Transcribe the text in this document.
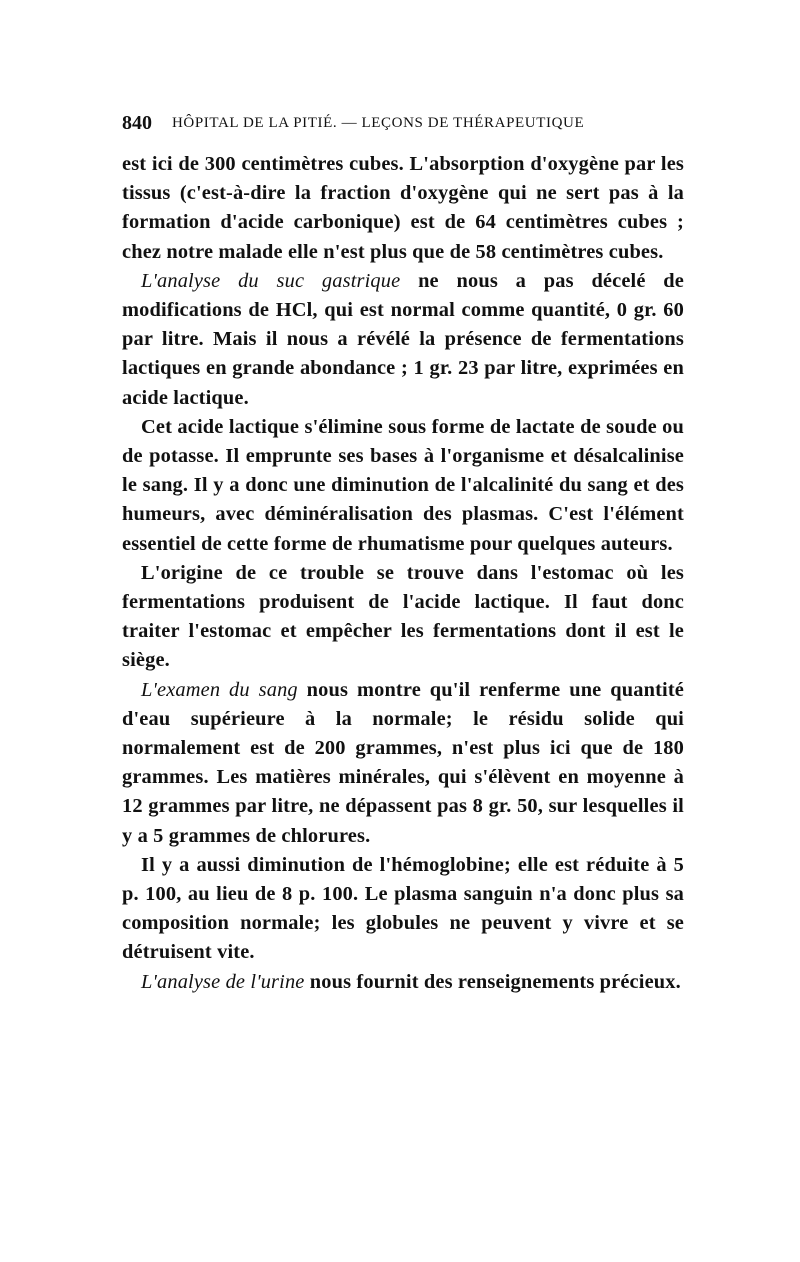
840 HÔPITAL DE LA PITIÉ. — LEÇONS DE THÉRAPEUTIQUE

est ici de 300 centimètres cubes. L'absorption d'oxygène par les tissus (c'est-à-dire la fraction d'oxygène qui ne sert pas à la formation d'acide carbonique) est de 64 centimètres cubes ; chez notre malade elle n'est plus que de 58 centimètres cubes.

L'analyse du suc gastrique ne nous a pas décelé de modifications de HCl, qui est normal comme quantité, 0 gr. 60 par litre. Mais il nous a révélé la présence de fermentations lactiques en grande abondance ; 1 gr. 23 par litre, exprimées en acide lactique.

Cet acide lactique s'élimine sous forme de lactate de soude ou de potasse. Il emprunte ses bases à l'organisme et désalcalinise le sang. Il y a donc une diminution de l'alcalinité du sang et des humeurs, avec déminéralisation des plasmas. C'est l'élément essentiel de cette forme de rhumatisme pour quelques auteurs.

L'origine de ce trouble se trouve dans l'estomac où les fermentations produisent de l'acide lactique. Il faut donc traiter l'estomac et empêcher les fermentations dont il est le siège.

L'examen du sang nous montre qu'il renferme une quantité d'eau supérieure à la normale; le résidu solide qui normalement est de 200 grammes, n'est plus ici que de 180 grammes. Les matières minérales, qui s'élèvent en moyenne à 12 grammes par litre, ne dépassent pas 8 gr. 50, sur lesquelles il y a 5 grammes de chlorures.

Il y a aussi diminution de l'hémoglobine; elle est réduite à 5 p. 100, au lieu de 8 p. 100. Le plasma sanguin n'a donc plus sa composition normale; les globules ne peuvent y vivre et se détruisent vite.

L'analyse de l'urine nous fournit des renseignements précieux.
